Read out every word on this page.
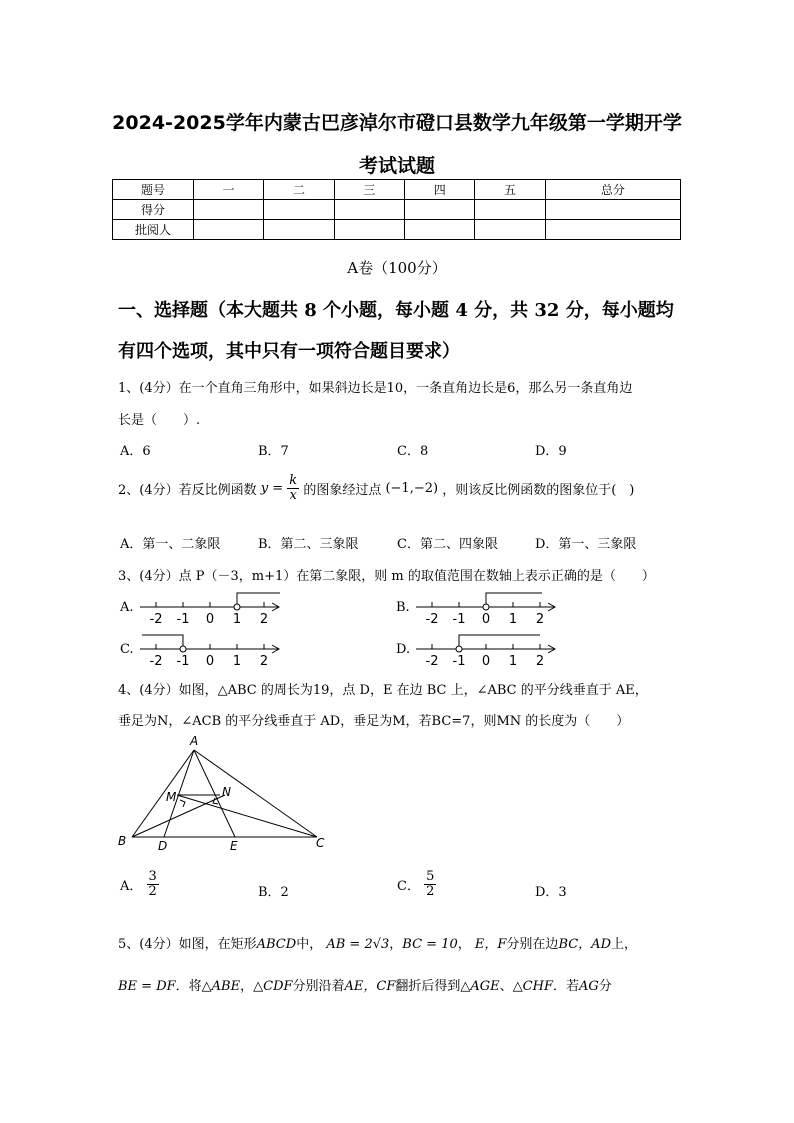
2024-2025学年内蒙古巴彦淖尔市磴口县数学九年级第一学期开学
考试试题
题号	一	二	三	四	五	总分
得分						
批阅人						
A卷（100分）
一、选择题（本大题共 8 个小题，每小题 4 分，共 32 分，每小题均
有四个选项，其中只有一项符合题目要求）
1、(4分）在一个直角三角形中，如果斜边长是10，一条直角边长是6，那么另一条直角边
长是（　　）.
A．6	B．7	C．8	D．9
2、(4分）若反比例函数 $y = \frac{k}{x}$ 的图象经过点 (−1,−2) ，则该反比例函数的图象位于(　)
A．第一、二象限	B．第二、三象限	C．第二、四象限	D．第一、三象限
3、(4分）点 P（－3，m+1）在第二象限，则 m 的取值范围在数轴上表示正确的是（　　）
A.
-2 -1 0 1 2
B.
-2 -1 0 1 2
C.
-2 -1 0 1 2
D.
-2 -1 0 1 2
4、(4分）如图，△ABC 的周长为19，点 D，E 在边 BC 上，∠ABC 的平分线垂直于 AE，
垂足为N，∠ACB 的平分线垂直于 AD，垂足为M，若BC=7，则MN 的长度为（　　）
A
B	C
D	E
M	N
A． $\frac{3}{2}$	B．2	C． $\frac{5}{2}$	D．3
5、(4分）如图，在矩形ABCD中， AB = 2√3，BC = 10， E，F分别在边BC，AD上，
BE = DF．将△ABE，△CDF分别沿着AE，CF翻折后得到△AGE、△CHF．若AG分
